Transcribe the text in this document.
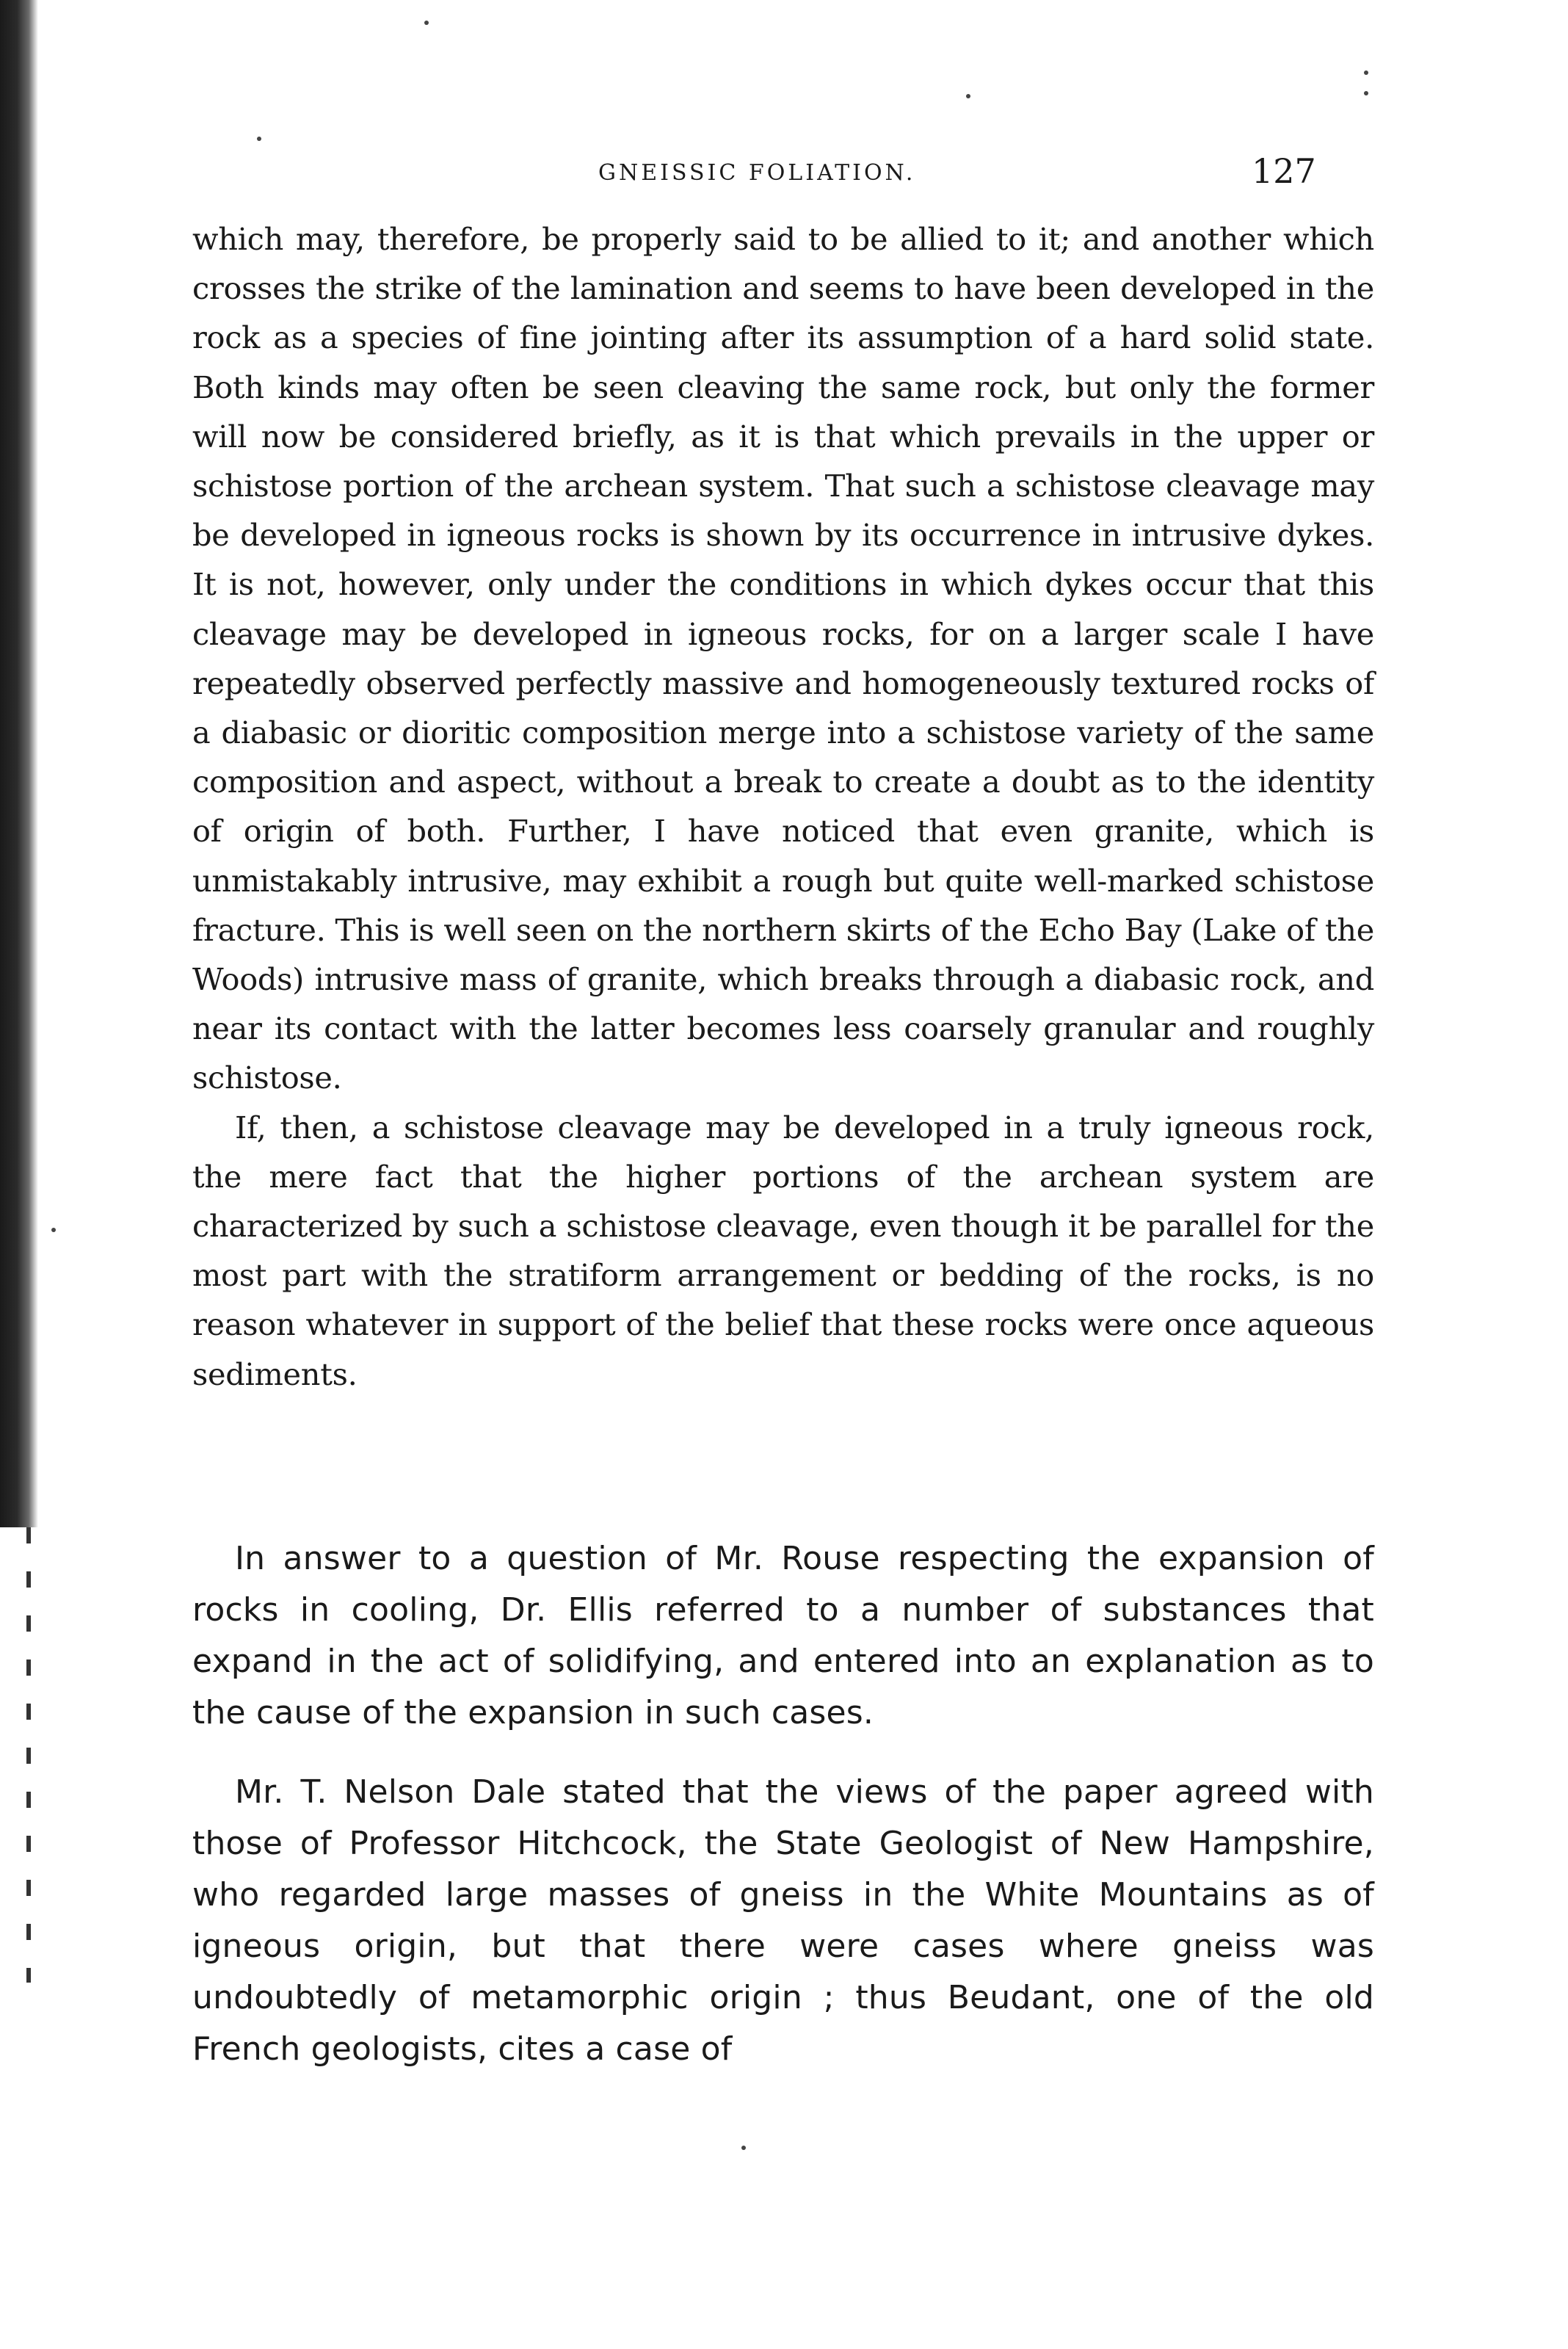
GNEISSIC FOLIATION.	127

which may, therefore, be properly said to be allied to it; and another which crosses the strike of the lamination and seems to have been developed in the rock as a species of fine jointing after its assumption of a hard solid state. Both kinds may often be seen cleaving the same rock, but only the former will now be considered briefly, as it is that which prevails in the upper or schistose portion of the archean system. That such a schistose cleavage may be developed in igneous rocks is shown by its occurrence in intrusive dykes. It is not, however, only under the conditions in which dykes occur that this cleavage may be developed in igneous rocks, for on a larger scale I have repeatedly observed perfectly massive and homogeneously textured rocks of a diabasic or dioritic composition merge into a schistose variety of the same composition and aspect, without a break to create a doubt as to the identity of origin of both. Further, I have noticed that even granite, which is unmistakably intrusive, may exhibit a rough but quite well-marked schistose fracture. This is well seen on the northern skirts of the Echo Bay (Lake of the Woods) intrusive mass of granite, which breaks through a diabasic rock, and near its contact with the latter becomes less coarsely granular and roughly schistose.

If, then, a schistose cleavage may be developed in a truly igneous rock, the mere fact that the higher portions of the archean system are characterized by such a schistose cleavage, even though it be parallel for the most part with the stratiform arrangement or bedding of the rocks, is no reason whatever in support of the belief that these rocks were once aqueous sediments.

In answer to a question of Mr. Rouse respecting the expansion of rocks in cooling, Dr. Ellis referred to a number of substances that expand in the act of solidifying, and entered into an explanation as to the cause of the expansion in such cases.

Mr. T. Nelson Dale stated that the views of the paper agreed with those of Professor Hitchcock, the State Geologist of New Hampshire, who regarded large masses of gneiss in the White Mountains as of igneous origin, but that there were cases where gneiss was undoubtedly of metamorphic origin ; thus Beudant, one of the old French geologists, cites a case of
